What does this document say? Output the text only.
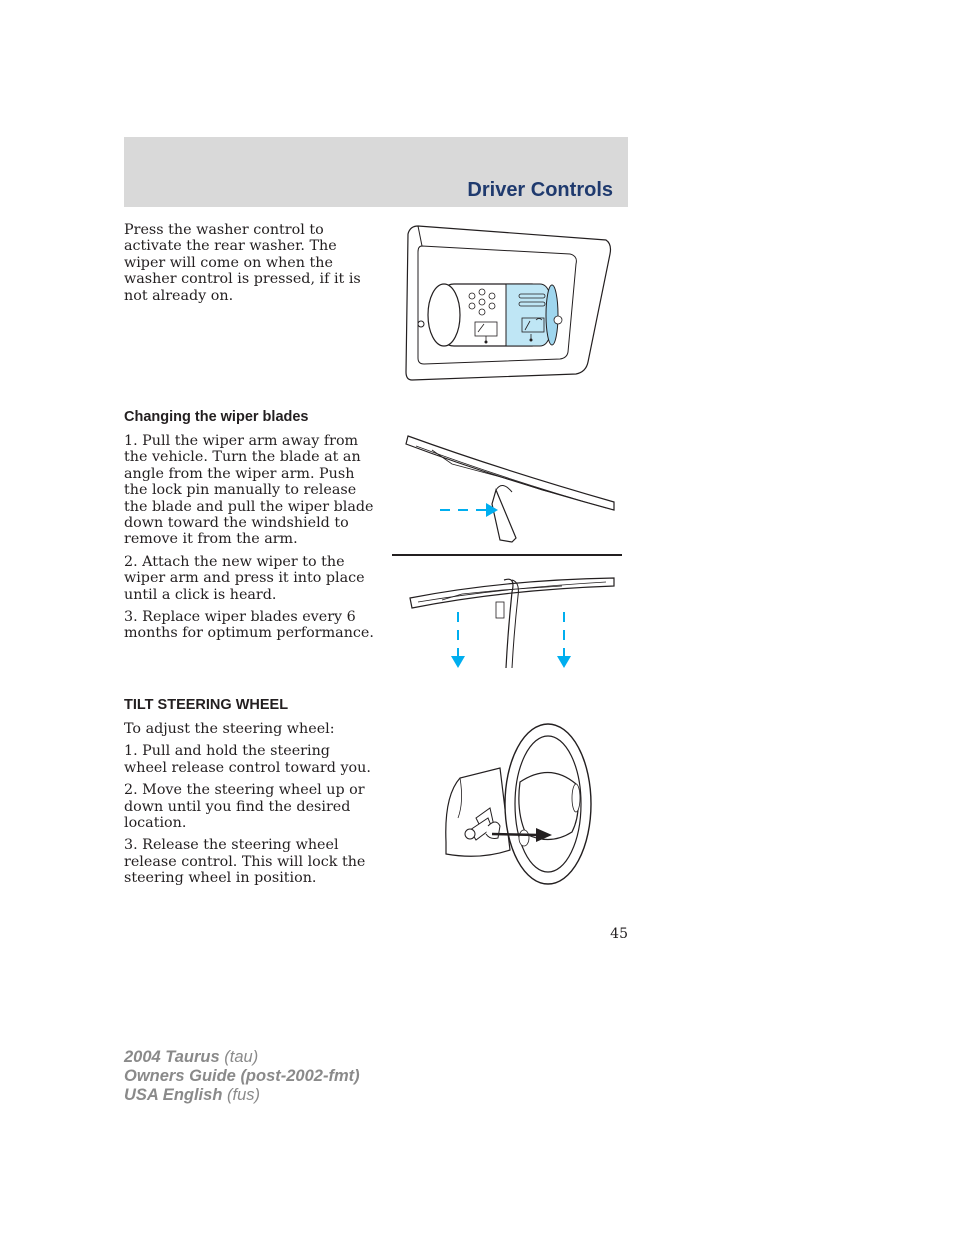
Driver Controls

Press the washer control to activate the rear washer. The wiper will come on when the washer control is pressed, if it is not already on.

Changing the wiper blades

1. Pull the wiper arm away from the vehicle. Turn the blade at an angle from the wiper arm. Push the lock pin manually to release the blade and pull the wiper blade down toward the windshield to remove it from the arm.

2. Attach the new wiper to the wiper arm and press it into place until a click is heard.

3. Replace wiper blades every 6 months for optimum performance.

TILT STEERING WHEEL

To adjust the steering wheel:

1. Pull and hold the steering wheel release control toward you.

2. Move the steering wheel up or down until you find the desired location.

3. Release the steering wheel release control. This will lock the steering wheel in position.

45
2004 Taurus (tau)
Owners Guide (post-2002-fmt)
USA English (fus)
